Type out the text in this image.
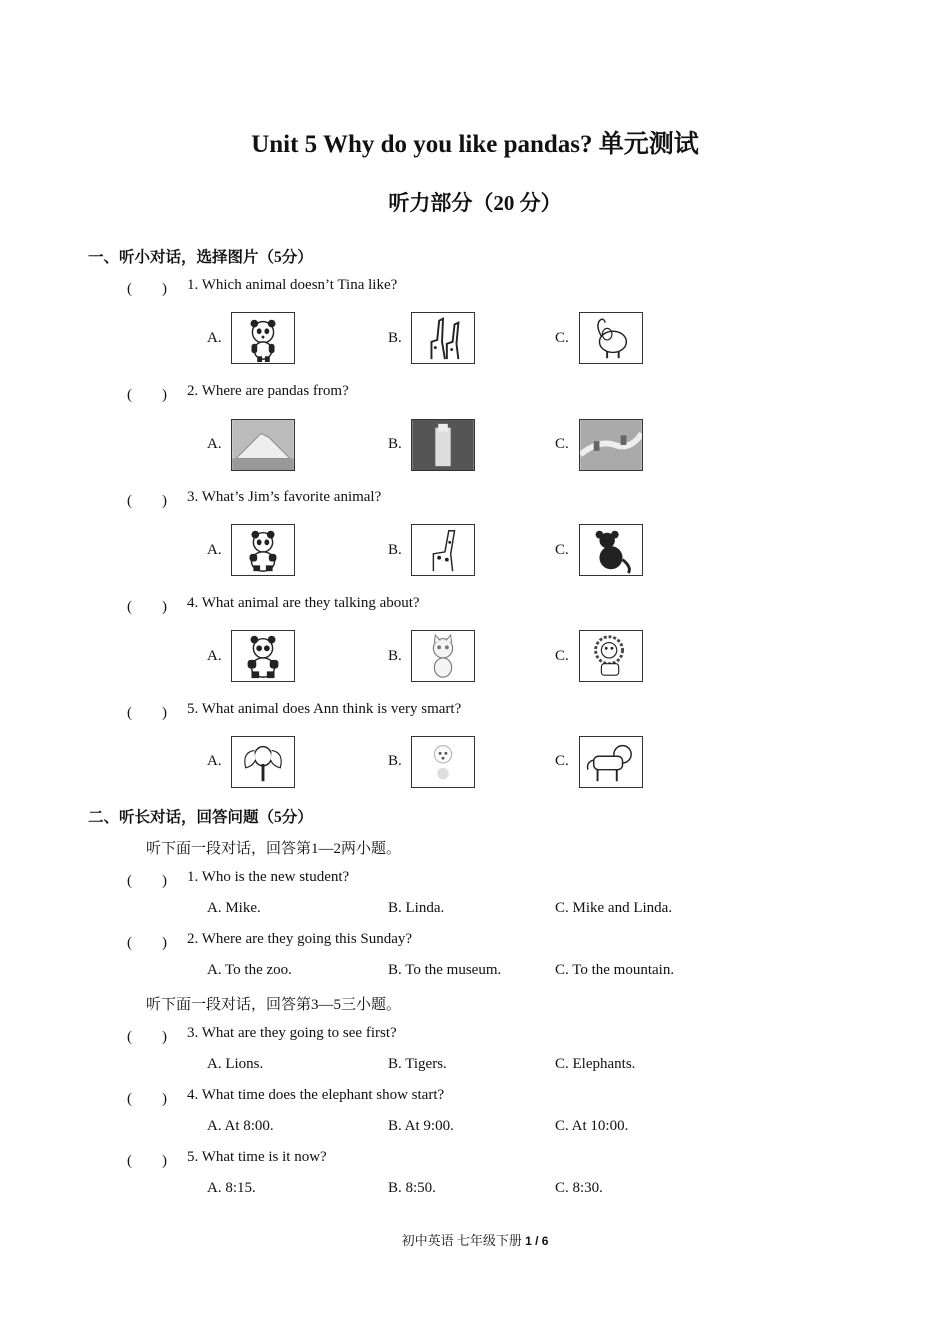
Unit 5 Why do you like pandas? 单元测试
听力部分（20 分）
一、听小对话，选择图片（5分）
(　　) 1. Which animal doesn’t Tina like?
A.	B.	C.
(　　) 2. Where are pandas from?
A.	B.	C.
(　　) 3. What’s Jim’s favorite animal?
A.	B.	C.
(　　) 4. What animal are they talking about?
A.	B.	C.
(　　) 5. What animal does Ann think is very smart?
A.	B.	C.
二、听长对话，回答问题（5分）
听下面一段对话，回答第1—2两小题。
(　　) 1. Who is the new student?
A. Mike.	B. Linda.	C. Mike and Linda.
(　　) 2. Where are they going this Sunday?
A. To the zoo.	B. To the museum.	C. To the mountain.
听下面一段对话，回答第3—5三小题。
(　　) 3. What are they going to see first?
A. Lions.	B. Tigers.	C. Elephants.
(　　) 4. What time does the elephant show start?
A. At 8:00.	B. At 9:00.	C. At 10:00.
(　　) 5. What time is it now?
A. 8:15.	B. 8:50.	C. 8:30.
初中英语 七年级下册 1 / 6
